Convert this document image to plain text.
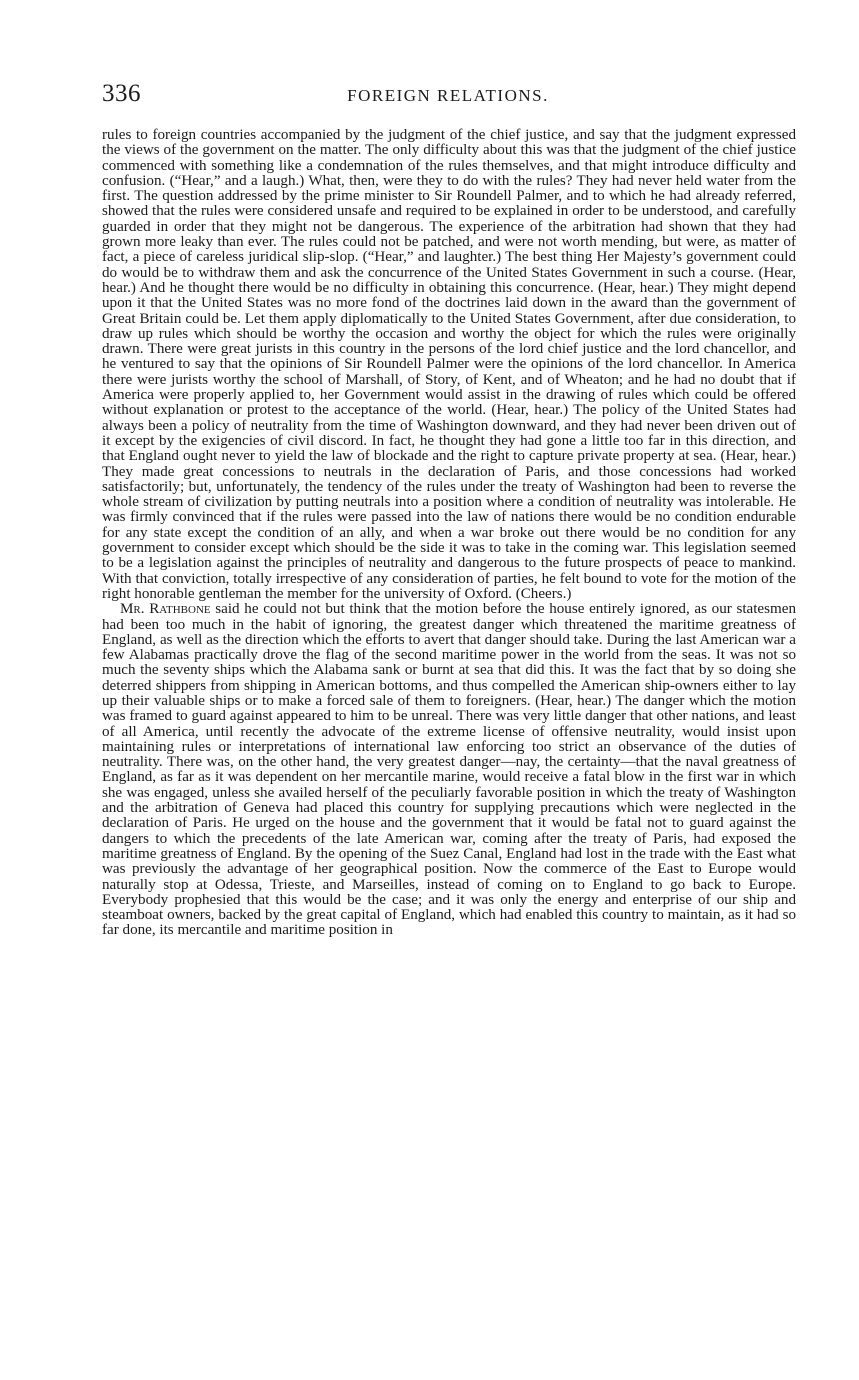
336	FOREIGN RELATIONS.

rules to foreign countries accompanied by the judgment of the chief justice, and say that the judgment expressed the views of the government on the matter. The only difficulty about this was that the judgment of the chief justice commenced with something like a condemnation of the rules themselves, and that might introduce difficulty and confusion. (“Hear,” and a laugh.) What, then, were they to do with the rules? They had never held water from the first. The question addressed by the prime minister to Sir Roundell Palmer, and to which he had already referred, showed that the rules were considered unsafe and required to be explained in order to be understood, and carefully guarded in order that they might not be dangerous. The experience of the arbitration had shown that they had grown more leaky than ever. The rules could not be patched, and were not worth mending, but were, as matter of fact, a piece of careless juridical slip-slop. (“Hear,” and laughter.) The best thing Her Majesty’s government could do would be to withdraw them and ask the concurrence of the United States Government in such a course. (Hear, hear.) And he thought there would be no difficulty in obtaining this concurrence. (Hear, hear.) They might depend upon it that the United States was no more fond of the doctrines laid down in the award than the government of Great Britain could be. Let them apply diplomatically to the United States Government, after due consideration, to draw up rules which should be worthy the occasion and worthy the object for which the rules were originally drawn. There were great jurists in this country in the persons of the lord chief justice and the lord chancellor, and he ventured to say that the opinions of Sir Roundell Palmer were the opinions of the lord chancellor. In America there were jurists worthy the school of Marshall, of Story, of Kent, and of Wheaton; and he had no doubt that if America were properly applied to, her Government would assist in the drawing of rules which could be offered without explanation or protest to the acceptance of the world. (Hear, hear.) The policy of the United States had always been a policy of neutrality from the time of Washington downward, and they had never been driven out of it except by the exigencies of civil discord. In fact, he thought they had gone a little too far in this direction, and that England ought never to yield the law of blockade and the right to capture private property at sea. (Hear, hear.) They made great concessions to neutrals in the declaration of Paris, and those concessions had worked satisfactorily; but, unfortunately, the tendency of the rules under the treaty of Washington had been to reverse the whole stream of civilization by putting neutrals into a position where a condition of neutrality was intolerable. He was firmly convinced that if the rules were passed into the law of nations there would be no condition endurable for any state except the condition of an ally, and when a war broke out there would be no condition for any government to consider except which should be the side it was to take in the coming war. This legislation seemed to be a legislation against the principles of neutrality and dangerous to the future prospects of peace to mankind. With that conviction, totally irrespective of any consideration of parties, he felt bound to vote for the motion of the right honorable gentleman the member for the university of Oxford. (Cheers.)

Mr. Rathbone said he could not but think that the motion before the house entirely ignored, as our statesmen had been too much in the habit of ignoring, the greatest danger which threatened the maritime greatness of England, as well as the direction which the efforts to avert that danger should take. During the last American war a few Alabamas practically drove the flag of the second maritime power in the world from the seas. It was not so much the seventy ships which the Alabama sank or burnt at sea that did this. It was the fact that by so doing she deterred shippers from shipping in American bottoms, and thus compelled the American ship-owners either to lay up their valuable ships or to make a forced sale of them to foreigners. (Hear, hear.) The danger which the motion was framed to guard against appeared to him to be unreal. There was very little danger that other nations, and least of all America, until recently the advocate of the extreme license of offensive neutrality, would insist upon maintaining rules or interpretations of international law enforcing too strict an observance of the duties of neutrality. There was, on the other hand, the very greatest danger—nay, the certainty—that the naval greatness of England, as far as it was dependent on her mercantile marine, would receive a fatal blow in the first war in which she was engaged, unless she availed herself of the peculiarly favorable position in which the treaty of Washington and the arbitration of Geneva had placed this country for supplying precautions which were neglected in the declaration of Paris. He urged on the house and the government that it would be fatal not to guard against the dangers to which the precedents of the late American war, coming after the treaty of Paris, had exposed the maritime greatness of England. By the opening of the Suez Canal, England had lost in the trade with the East what was previously the advantage of her geographical position. Now the commerce of the East to Europe would naturally stop at Odessa, Trieste, and Marseilles, instead of coming on to England to go back to Europe. Everybody prophesied that this would be the case; and it was only the energy and enterprise of our ship and steamboat owners, backed by the great capital of England, which had enabled this country to maintain, as it had so far done, its mercantile and maritime position in
